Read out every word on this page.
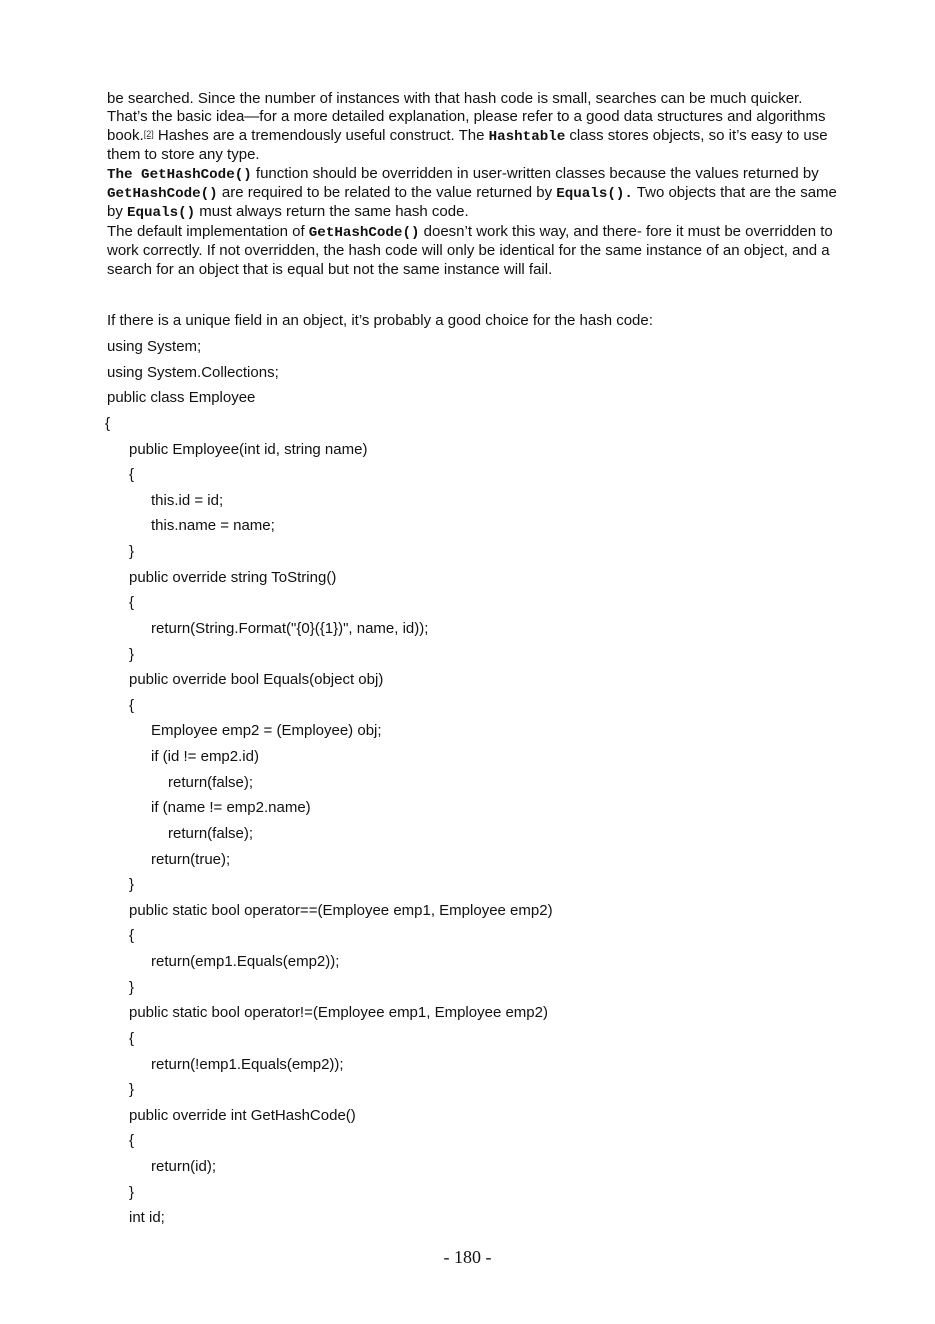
be searched. Since the number of instances with that hash code is small, searches can be much quicker.

That’s the basic idea—for a more detailed explanation, please refer to a good data structures and algorithms book.[2] Hashes are a tremendously useful construct. The Hashtable class stores objects, so it’s easy to use them to store any type.

The GetHashCode() function should be overridden in user-written classes because the values returned by GetHashCode() are required to be related to the value returned by Equals(). Two objects that are the same by Equals() must always return the same hash code.

The default implementation of GetHashCode() doesn’t work this way, and there- fore it must be overridden to work correctly. If not overridden, the hash code will only be identical for the same instance of an object, and a search for an object that is equal but not the same instance will fail.

If there is a unique field in an object, it’s probably a good choice for the hash code:
using System;
using System.Collections;
public class Employee
{
public Employee(int id, string name)
{
this.id = id;
this.name = name;
}
public override string ToString()
{
return(String.Format("{0}({1})", name, id));
}
public override bool Equals(object obj)
{
Employee emp2 = (Employee) obj;
if (id != emp2.id)
return(false);
if (name != emp2.name)
return(false);
return(true);
}
public static bool operator==(Employee emp1, Employee emp2)
{
return(emp1.Equals(emp2));
}
public static bool operator!=(Employee emp1, Employee emp2)
{
return(!emp1.Equals(emp2));
}
public override int GetHashCode()
{
return(id);
}
int id;
- 180 -
